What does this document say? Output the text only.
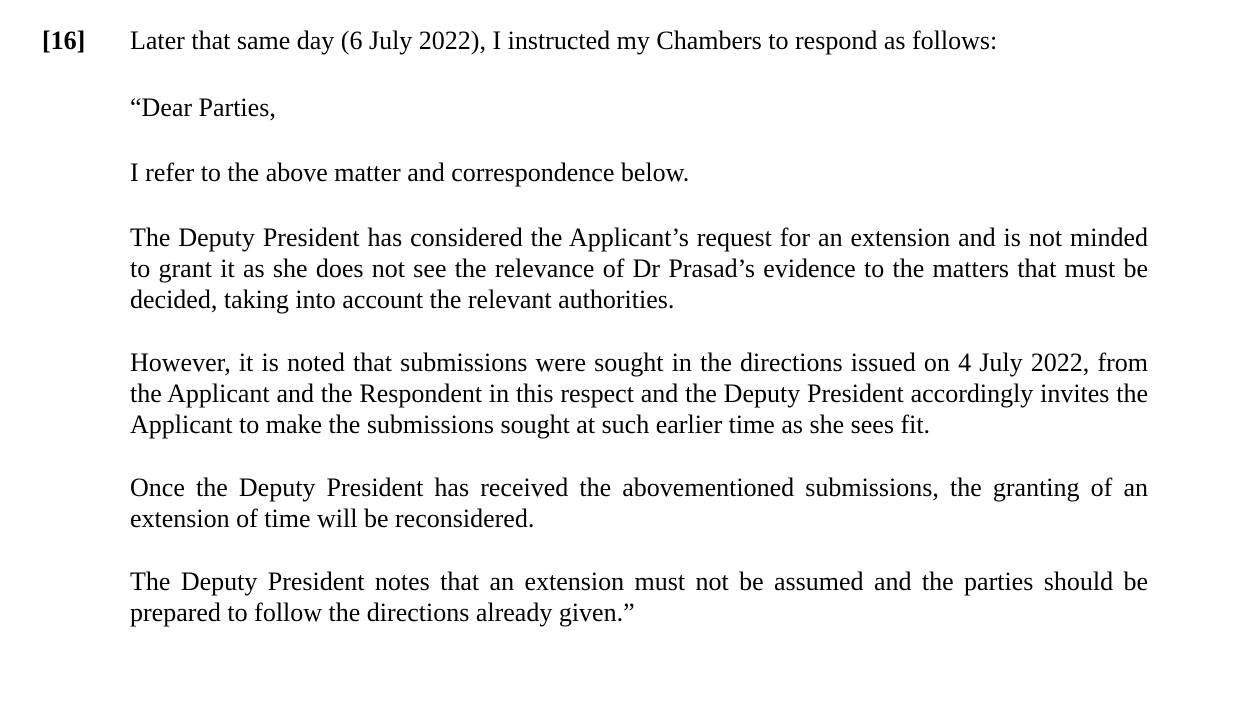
[16] Later that same day (6 July 2022), I instructed my Chambers to respond as follows:

“Dear Parties,

I refer to the above matter and correspondence below.

The Deputy President has considered the Applicant’s request for an extension and is not minded to grant it as she does not see the relevance of Dr Prasad’s evidence to the matters that must be decided, taking into account the relevant authorities.

However, it is noted that submissions were sought in the directions issued on 4 July 2022, from the Applicant and the Respondent in this respect and the Deputy President accordingly invites the Applicant to make the submissions sought at such earlier time as she sees fit.

Once the Deputy President has received the abovementioned submissions, the granting of an extension of time will be reconsidered.

The Deputy President notes that an extension must not be assumed and the parties should be prepared to follow the directions already given.”
